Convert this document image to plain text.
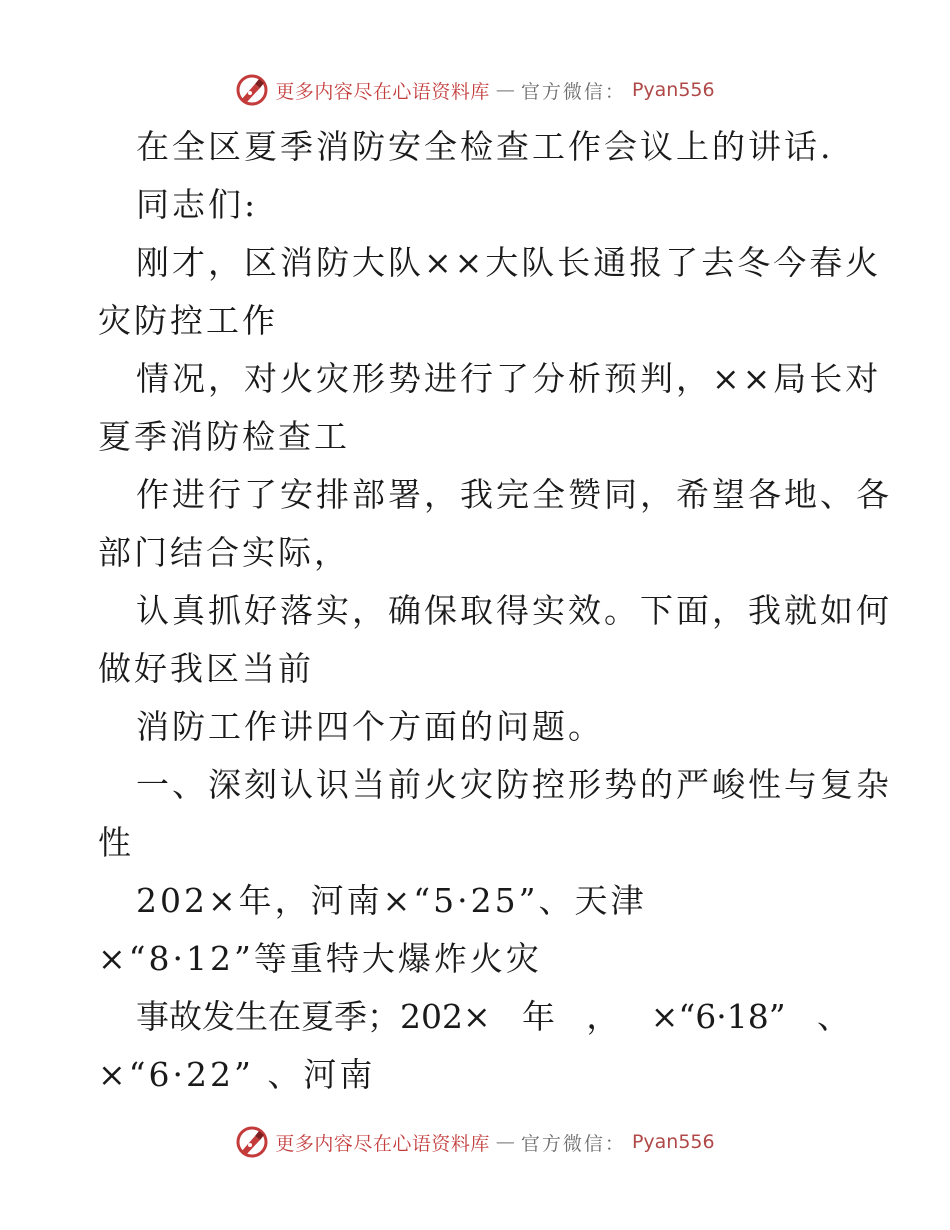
更多内容尽在心语资料库 — 官方微信： Pyan556
在全区夏季消防安全检查工作会议上的讲话.
同志们:
刚才，区消防大队××大队长通报了去冬今春火
灾防控工作
情况，对火灾形势进行了分析预判，××局长对
夏季消防检查工
作进行了安排部署，我完全赞同，希望各地、各
部门结合实际，
认真抓好落实，确保取得实效。下面，我就如何
做好我区当前
消防工作讲四个方面的问题。
一、深刻认识当前火灾防控形势的严峻性与复杂
性
202×年，河南×“5·25”、天津
×“8·12”等重特大爆炸火灾
事故发生在夏季；202× 年 ， ×“6·18” 、
×“6·22” 、河南
更多内容尽在心语资料库 — 官方微信： Pyan556
